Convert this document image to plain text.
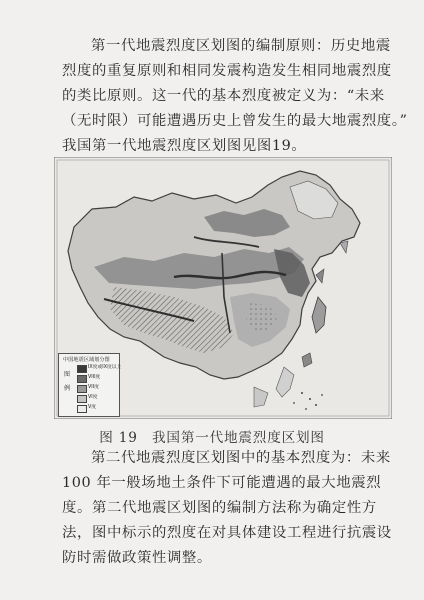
第一代地震烈度区划图的编制原则：历史地震
烈度的重复原则和相同发震构造发生相同地震烈度
的类比原则。这一代的基本烈度被定义为：“未来
（无时限）可能遭遇历史上曾发生的最大地震烈度。”
我国第一代地震烈度区划图见图19。
中国地震区域划分图
图
例
IX度或IX度以上
VIII度
VII度
VI度
V度
图 19　我国第一代地震烈度区划图
第二代地震烈度区划图中的基本烈度为：未来
100 年一般场地土条件下可能遭遇的最大地震烈
度。第二代地震区划图的编制方法称为确定性方
法，图中标示的烈度在对具体建设工程进行抗震设
防时需做政策性调整。
